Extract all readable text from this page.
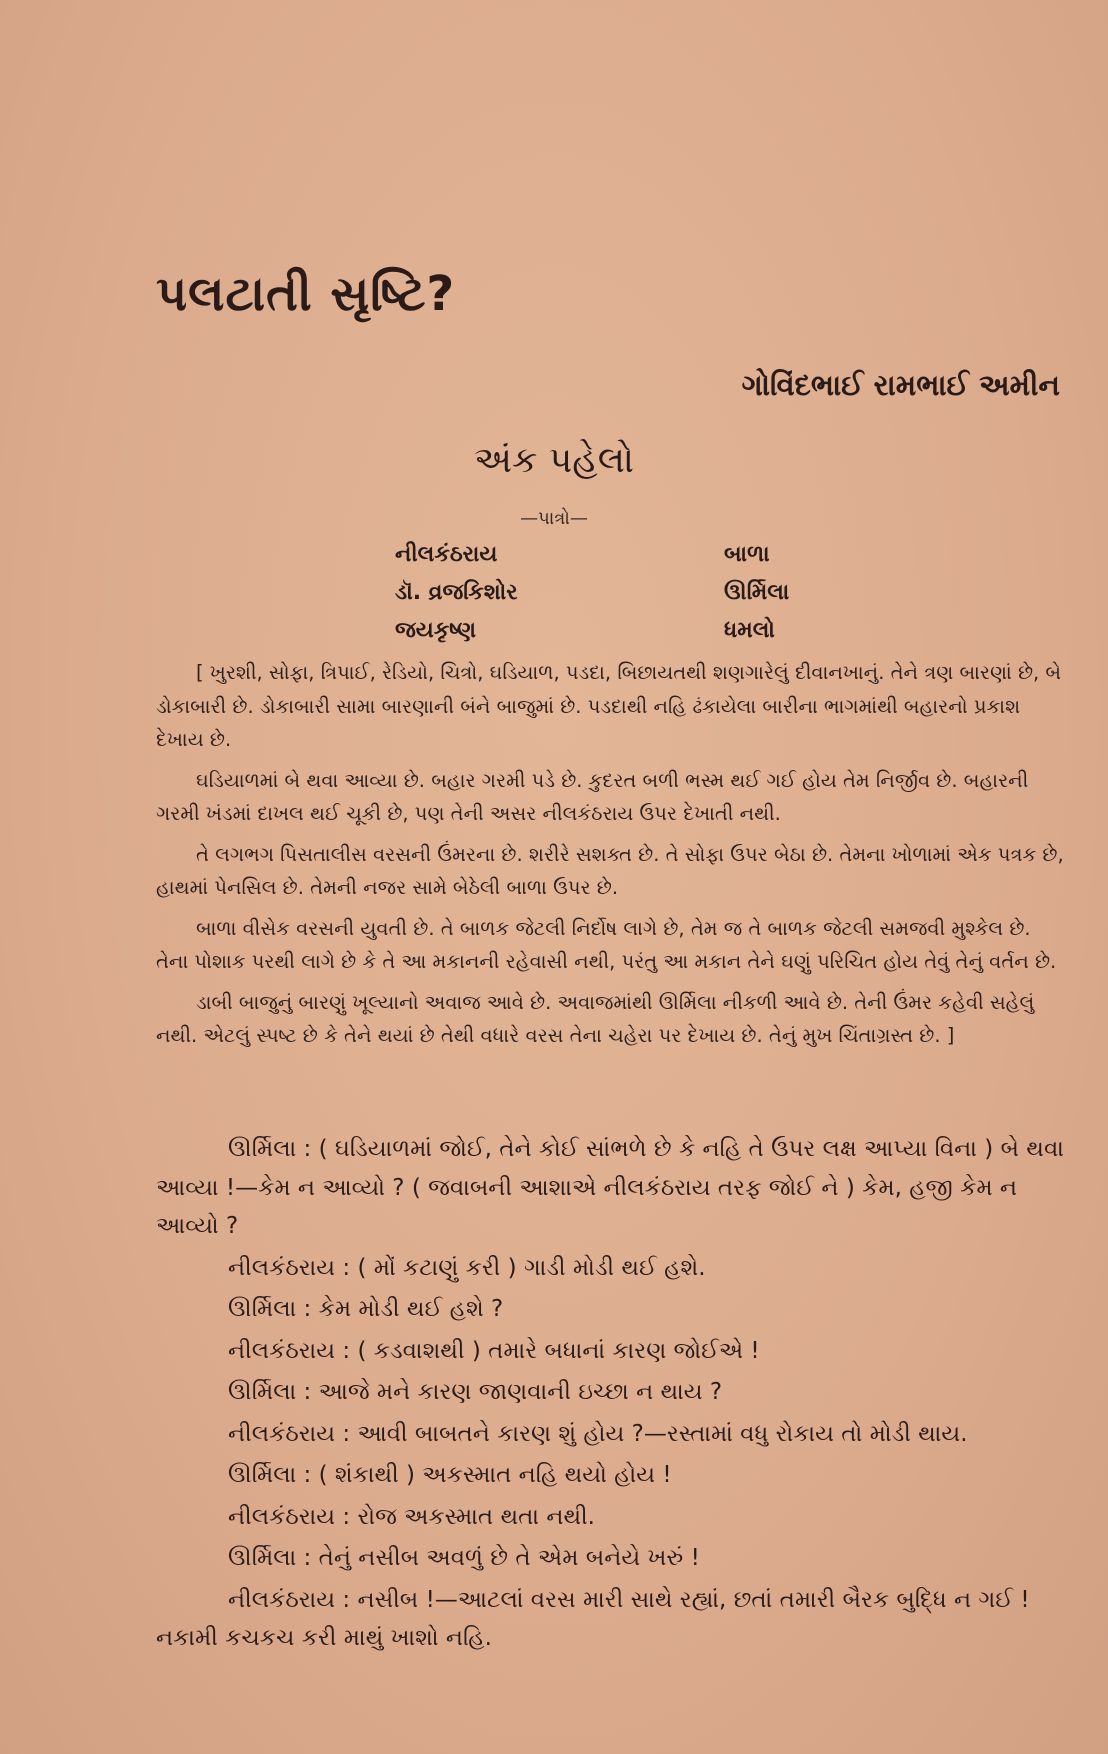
પલટાતી સૃષ્ટિ?
ગોવિંદભાઈ રામભાઈ અમીન
અંક પહેલો
—પાત્રો—
નીલકંઠરાય
ડૉ. વ્રજકિશોર
જયકૃષ્ણ
બાળા
ઊર્મિલા
ધમલો

[ ખુરશી, સોફા, ત્રિપાઈ, રેડિયો, ચિત્રો, ઘડિયાળ, પડદા, બિછાયતથી શણગારેલું દીવાનખાનું. તેને ત્રણ બારણાં છે, બે ડોકાબારી છે. ડોકાબારી સામા બારણાની બંને બાજુમાં છે. પડદાથી નહિ ઢંકાયેલા બારીના ભાગમાંથી બહારનો પ્રકાશ દેખાય છે.

ઘડિયાળમાં બે થવા આવ્યા છે. બહાર ગરમી પડે છે. કુદરત બળી ભસ્મ થઈ ગઈ હોય તેમ નિર્જીવ છે. બહારની ગરમી ખંડમાં દાખલ થઈ ચૂકી છે, પણ તેની અસર નીલકંઠરાય ઉપર દેખાતી નથી.

તે લગભગ પિસતાલીસ વરસની ઉંમરના છે. શરીરે સશક્ત છે. તે સોફા ઉપર બેઠા છે. તેમના ખોળામાં એક પત્રક છે, હાથમાં પેનસિલ છે. તેમની નજર સામે બેઠેલી બાળા ઉપર છે.

બાળા વીસેક વરસની યુવતી છે. તે બાળક જેટલી નિર્દોષ લાગે છે, તેમ જ તે બાળક જેટલી સમજવી મુશ્કેલ છે. તેના પોશાક પરથી લાગે છે કે તે આ મકાનની રહેવાસી નથી, પરંતુ આ મકાન તેને ઘણું પરિચિત હોય તેવું તેનું વર્તન છે.

ડાબી બાજુનું બારણું ખૂલ્યાનો અવાજ આવે છે. અવાજમાંથી ઊર્મિલા નીકળી આવે છે. તેની ઉંમર કહેવી સહેલું નથી. એટલું સ્પષ્ટ છે કે તેને થયાં છે તેથી વધારે વરસ તેના ચહેરા પર દેખાય છે. તેનું મુખ ચિંતાગ્રસ્ત છે. ]

ઊર્મિલા : ( ઘડિયાળમાં જોઈ, તેને કોઈ સાંભળે છે કે નહિ તે ઉપર લક્ષ આપ્યા વિના ) બે થવા આવ્યા !—કેમ ન આવ્યો ? ( જવાબની આશાએ નીલકંઠરાય તરફ જોઈ ને ) કેમ, હજી કેમ ન આવ્યો ?

નીલકંઠરાય : ( મોં કટાણું કરી ) ગાડી મોડી થઈ હશે.

ઊર્મિલા : કેમ મોડી થઈ હશે ?

નીલકંઠરાય : ( કડવાશથી ) તમારે બધાનાં કારણ જોઈએ !

ઊર્મિલા : આજે મને કારણ જાણવાની ઇચ્છા ન થાય ?

નીલકંઠરાય : આવી બાબતને કારણ શું હોય ?—રસ્તામાં વધુ રોકાય તો મોડી થાય.

ઊર્મિલા : ( શંકાથી ) અકસ્માત નહિ થયો હોય !

નીલકંઠરાય : રોજ અકસ્માત થતા નથી.

ઊર્મિલા : તેનું નસીબ અવળું છે તે એમ બનેયે ખરું !

નીલકંઠરાય : નસીબ !—આટલાં વરસ મારી સાથે રહ્યાં, છતાં તમારી બૈરક બુદ્ધિ ન ગઈ ! નકામી કચકચ કરી માથું ખાશો નહિ.
